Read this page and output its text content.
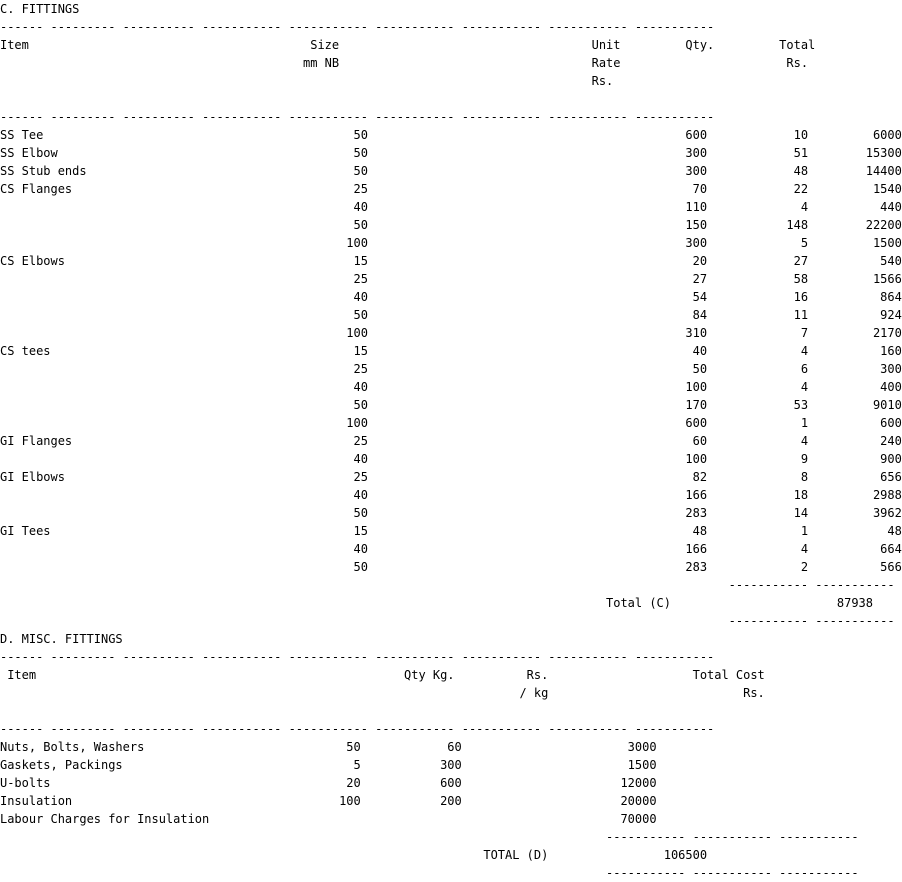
C. FITTINGS
------ --------- ---------- ----------- ----------- ----------- ----------- ----------- -----------
Item                                       Size                                   Unit         Qty.         Total
mm NB                                   Rate                       Rs.
Rs.
------ --------- ---------- ----------- ----------- ----------- ----------- ----------- -----------
SS Tee                                           50                                            600            10         6000
SS Elbow                                         50                                            300            51        15300
SS Stub ends                                     50                                            300            48        14400
CS Flanges                                       25                                             70            22         1540
40                                            110             4          440
50                                            150           148        22200
100                                            300             5         1500
CS Elbows                                        15                                             20            27          540
25                                             27            58         1566
40                                             54            16          864
50                                             84            11          924
100                                            310             7         2170
CS tees                                          15                                             40             4          160
25                                             50             6          300
40                                            100             4          400
50                                            170            53         9010
100                                            600             1          600
GI Flanges                                       25                                             60             4          240
40                                            100             9          900
GI Elbows                                        25                                             82             8          656
40                                            166            18         2988
50                                            283            14         3962
GI Tees                                          15                                             48             1           48
40                                            166             4          664
50                                            283             2          566
----------- -----------
Total (C)                       87938
----------- -----------
D. MISC. FITTINGS
------ --------- ---------- ----------- ----------- ----------- ----------- ----------- -----------
Item                                                   Qty Kg.          Rs.                    Total Cost
/ kg                           Rs.
------ --------- ---------- ----------- ----------- ----------- ----------- ----------- -----------
Nuts, Bolts, Washers                            50            60                       3000
Gaskets, Packings                                5           300                       1500
U-bolts                                         20           600                      12000
Insulation                                     100           200                      20000
Labour Charges for Insulation                                                         70000
----------- ----------- -----------
TOTAL (D)                106500
----------- ----------- -----------
